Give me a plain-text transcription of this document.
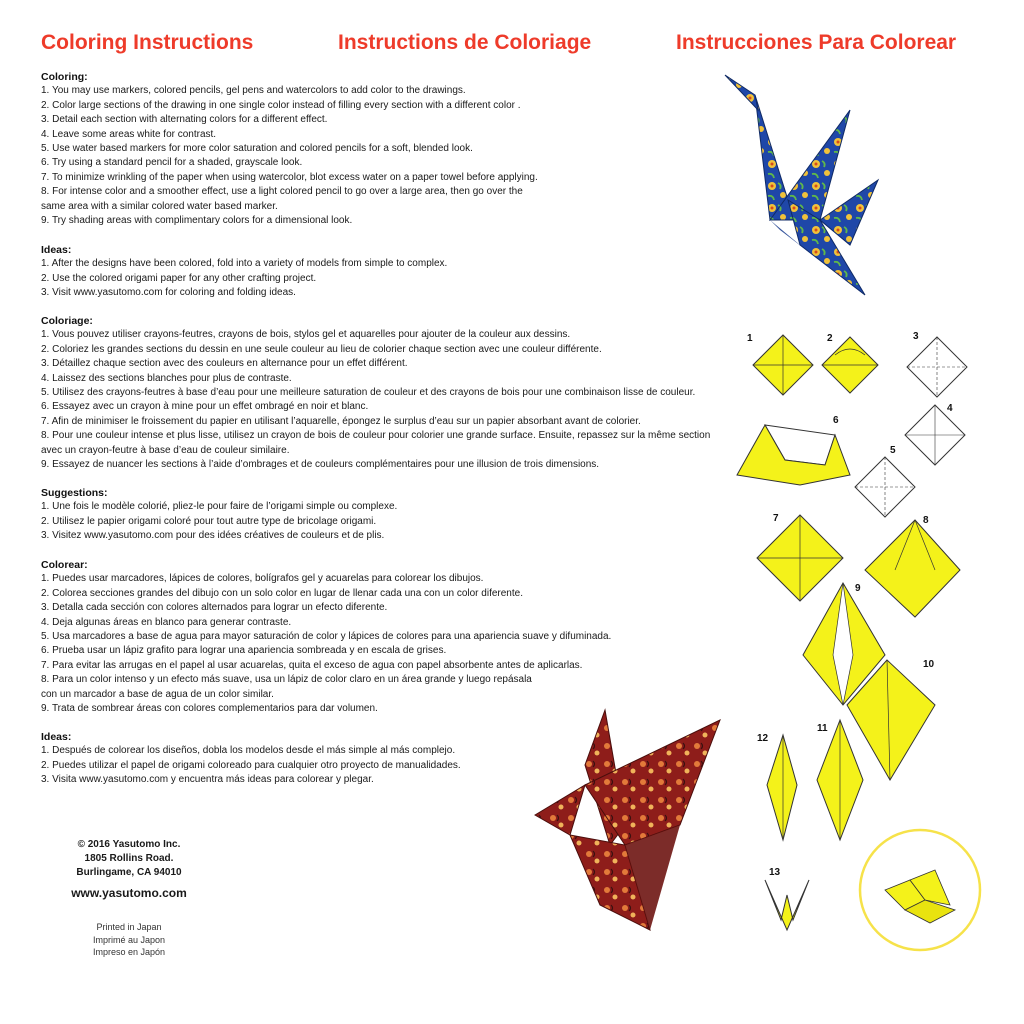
Coloring Instructions	Instructions de Coloriage	Instrucciones Para Colorear
Coloring:
1. You may use markers, colored pencils, gel pens and watercolors to add color to the drawings.
2. Color large sections of the drawing in one single color instead of filling every section with a different color .
3. Detail each section with alternating colors for a different effect.
4. Leave some areas white for contrast.
5. Use water based markers for more color saturation and colored pencils for a soft, blended look.
6. Try using a standard pencil for a shaded, grayscale look.
7. To minimize wrinkling of the paper when using watercolor, blot excess water on a paper towel before applying.
8. For intense color and a smoother effect, use a light colored pencil to go over a large area, then go over the
same area with a similar colored water based marker.
9. Try shading areas with complimentary colors for a dimensional look.
Ideas:
1. After the designs have been colored, fold into a variety of models from simple to complex.
2. Use the colored origami paper for any other crafting project.
3. Visit www.yasutomo.com for coloring and folding ideas.
Coloriage:
1. Vous pouvez utiliser crayons-feutres, crayons de bois, stylos gel et aquarelles pour ajouter de la couleur aux dessins.
2. Coloriez les grandes sections du dessin en une seule couleur au lieu de colorier chaque section avec une couleur différente.
3. Détaillez chaque section avec des couleurs en alternance pour un effet différent.
4. Laissez des sections blanches pour plus de contraste.
5. Utilisez des crayons-feutres à base d’eau pour une meilleure saturation de couleur et des crayons de bois pour une combinaison lisse de couleur.
6. Essayez avec un crayon à mine pour un effet ombragé en noir et blanc.
7. Afin de minimiser le froissement du papier en utilisant l’aquarelle, épongez le surplus d’eau sur un papier absorbant avant de colorier.
8. Pour une couleur intense et plus lisse, utilisez un crayon de bois de couleur pour colorier une grande surface. Ensuite, repassez sur la même section
avec un crayon-feutre à base d’eau de couleur similaire.
9. Essayez de nuancer les sections à l’aide d’ombrages et de couleurs complémentaires pour une illusion de trois dimensions.
Suggestions:
1. Une fois le modèle colorié, pliez-le pour faire de l’origami simple ou complexe.
2. Utilisez le papier origami coloré pour tout autre type de bricolage origami.
3. Visitez www.yasutomo.com pour des idées créatives de couleurs et de plis.
Colorear:
1. Puedes usar marcadores, lápices de colores, bolígrafos gel y acuarelas para colorear los dibujos.
2. Colorea secciones grandes del dibujo con un solo color en lugar de llenar cada una con un color diferente.
3. Detalla cada sección con colores alternados para lograr un efecto diferente.
4. Deja algunas áreas en blanco para generar contraste.
5. Usa marcadores a base de agua para mayor saturación de color y lápices de colores para una apariencia suave y difuminada.
6. Prueba usar un lápiz grafito para lograr una apariencia sombreada y en escala de grises.
7. Para evitar las arrugas en el papel al usar acuarelas, quita el exceso de agua con papel absorbente antes de aplicarlas.
8. Para un color intenso y un efecto más suave, usa un lápiz de color claro en un área grande y luego repásala
con un marcador a base de agua de un color similar.
9. Trata de sombrear áreas con colores complementarios para dar volumen.
Ideas:
1. Después de colorear los diseños, dobla los modelos desde el más simple al más complejo.
2. Puedes utilizar el papel de origami coloreado para cualquier otro proyecto de manualidades.
3. Visita www.yasutomo.com y encuentra más ideas para colorear y plegar.
© 2016 Yasutomo Inc.
1805 Rollins Road.
Burlingame, CA 94010
www.yasutomo.com
Printed in Japan
Imprimé au Japon
Impreso en Japón
1	2	3
4
5
6
7	8
9
10
11
12
13
